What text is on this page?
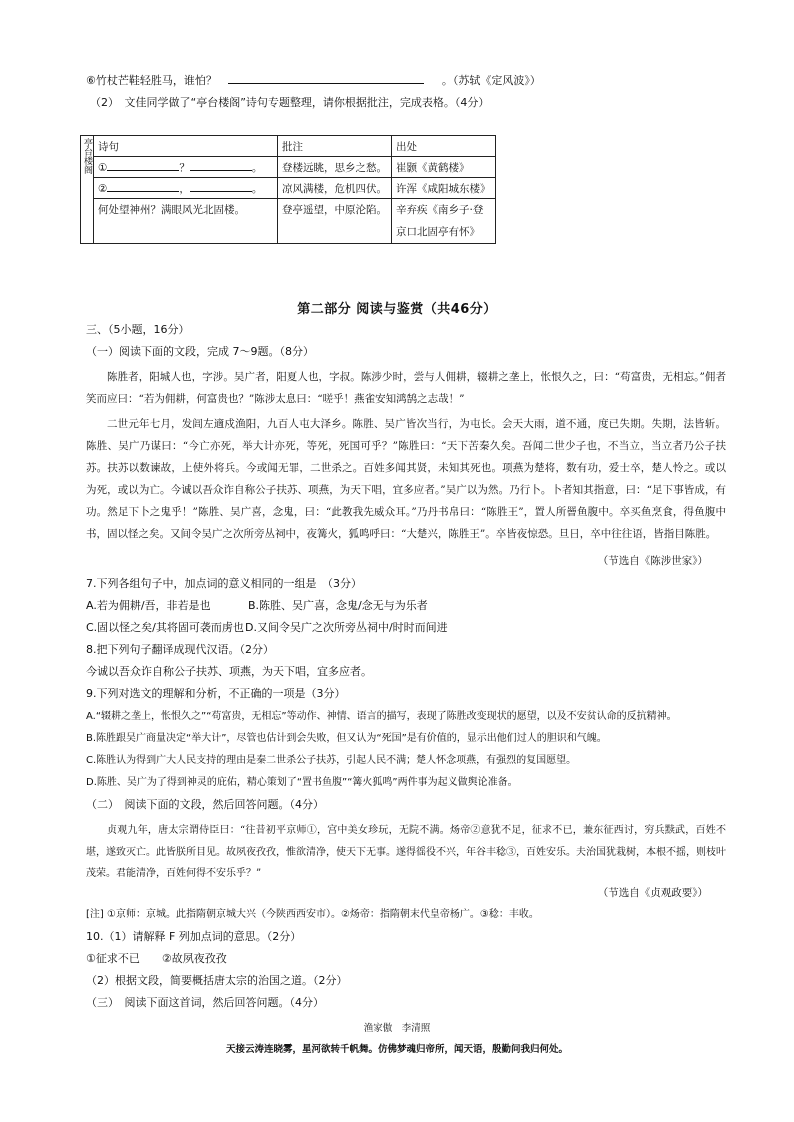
⑥竹杖芒鞋轻胜马，谁怕？	。（苏轼《定风波》）
（2）　文佳同学做了“亭台楼阁”诗句专题整理，请你根据批注，完成表格。（4分）
亭台楼阁	诗句	批注	出处
	① ？ 。	登楼远眺，思乡之愁。	崔颢《黄鹤楼》
	② ， 。	凉风满楼，危机四伏。	许浑《咸阳城东楼》
	何处望神州？满眼风光北固楼。	登亭遥望，中原沦陷。	辛弃疾《南乡子·登京口北固亭有怀》
第二部分 阅读与鉴赏（共46分）
三、（5小题，16分）
（一）阅读下面的文段，完成 7～9题。（8分）
陈胜者，阳城人也，字涉。吴广者，阳夏人也，字叔。陈涉少时，尝与人佣耕，辍耕之垄上，怅恨久之，曰：“苟富贵，无相忘。”佣者笑而应曰：“若为佣耕，何富贵也？”陈涉太息曰：“嗟乎！燕雀安知鸿鹄之志哉！”
二世元年七月，发闾左適戍渔阳，九百人屯大泽乡。陈胜、吴广皆次当行，为屯长。会天大雨，道不通，度已失期。失期，法皆斩。陈胜、吴广乃谋曰：“今亡亦死，举大计亦死，等死，死国可乎？”陈胜曰：“天下苦秦久矣。吾闻二世少子也，不当立，当立者乃公子扶苏。扶苏以数谏故，上使外将兵。今或闻无罪，二世杀之。百姓多闻其贤，未知其死也。项燕为楚将，数有功，爱士卒，楚人怜之。或以为死，或以为亡。今诚以吾众诈自称公子扶苏、项燕，为天下唱，宜多应者。”吴广以为然。乃行卜。卜者知其指意，曰：“足下事皆成，有功。然足下卜之鬼乎！”陈胜、吴广喜，念鬼，曰：“此教我先威众耳。”乃丹书帛曰：“陈胜王”，置人所罾鱼腹中。卒买鱼烹食，得鱼腹中书，固以怪之矣。又间令吴广之次所旁丛祠中，夜篝火，狐鸣呼曰：“大楚兴，陈胜王”。卒皆夜惊恐。旦日，卒中往往语，皆指目陈胜。
（节选自《陈涉世家》）
7.下列各组句子中，加点词的意义相同的一组是　（3分）
A.若为佣耕/吾，非若是也	B.陈胜、吴广喜，念鬼/念无与为乐者
C.固以怪之矣/其将固可袭而虏也 D.又间令吴广之次所旁丛祠中/时时而间进
8.把下列句子翻译成现代汉语。（2分）
今诚以吾众诈自称公子扶苏、项燕，为天下唱，宜多应者。
9.下列对选文的理解和分析，不正确的一项是（3分）
A.“辍耕之垄上，怅恨久之”“苟富贵，无相忘”等动作、神情、语言的描写，表现了陈胜改变现状的愿望，以及不安贫认命的反抗精神。
B.陈胜跟吴广商量决定“举大计”，尽管也估计到会失败，但又认为“死国”是有价值的，显示出他们过人的胆识和气魄。
C.陈胜认为得到广大人民支持的理由是秦二世杀公子扶苏，引起人民不满；楚人怀念项燕，有强烈的复国愿望。
D.陈胜、吴广为了得到神灵的庇佑，精心策划了“置书鱼腹”“篝火狐鸣”两件事为起义做舆论准备。
（二）　阅读下面的文段，然后回答问题。（4分）
贞观九年，唐太宗谓侍臣曰：“往昔初平京师①，宫中美女珍玩，无院不满。炀帝②意犹不足，征求不已，兼东征西讨，穷兵黩武，百姓不堪，遂致灭亡。此皆朕所目见。故夙夜孜孜，惟欲清净，使天下无事。遂得徭役不兴，年谷丰稔③，百姓安乐。夫治国犹栽树，本根不摇，则枝叶茂荣。君能清净，百姓何得不安乐乎？”
（节选自《贞观政要》）
[注] ①京师：京城。此指隋朝京城大兴（今陕西西安市）。②炀帝：指隋朝末代皇帝杨广。③稔：丰收。
10.（1）请解释 F 列加点词的意思。（2分）
①征求不已　　②故夙夜孜孜
（2）根据文段，简要概括唐太宗的治国之道。（2分）
（三）　阅读下面这首词，然后回答问题。（4分）
渔家傲　李清照
天接云涛连晓雾，星河欲转千帆舞。仿佛梦魂归帝所，闻天语，殷勤问我归何处。
